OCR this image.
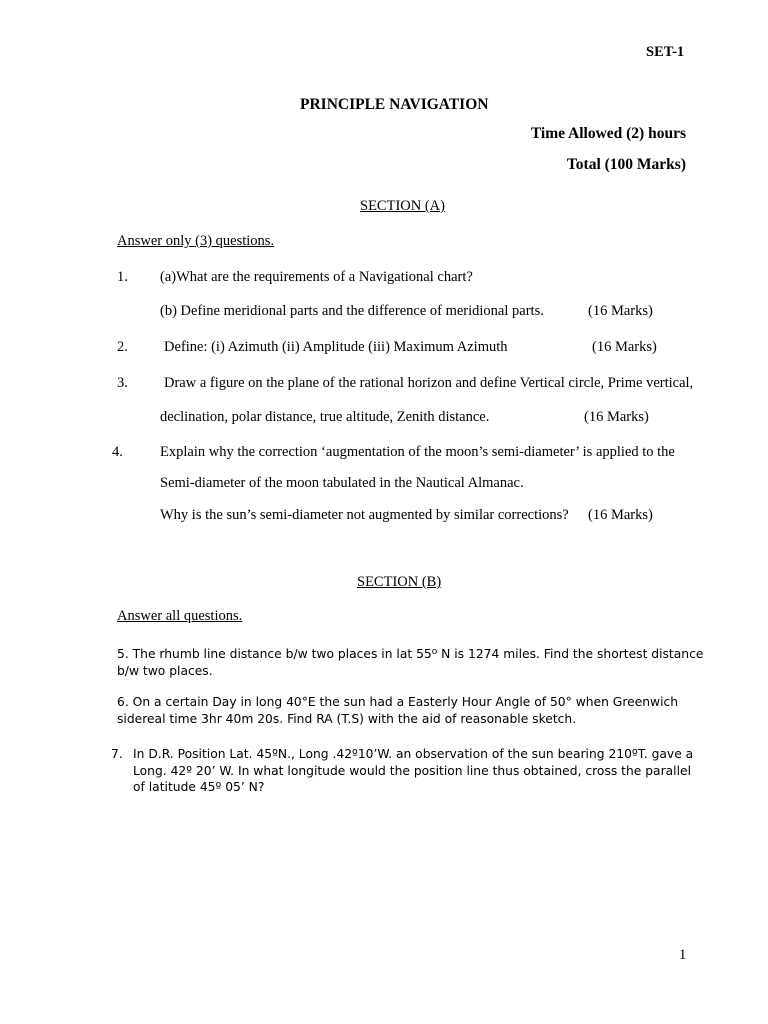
SET-1
PRINCIPLE NAVIGATION
Time Allowed (2) hours
Total (100 Marks)
SECTION (A)
Answer only (3) questions.
1. (a)What are the requirements of a Navigational chart?
(b) Define meridional parts and the difference of meridional parts.	(16 Marks)
2. Define: (i) Azimuth (ii) Amplitude (iii) Maximum Azimuth	(16 Marks)
3. Draw a figure on the plane of the rational horizon and define Vertical circle, Prime vertical,
declination, polar distance, true altitude, Zenith distance.	(16 Marks)
4.	Explain why the correction ‘augmentation of the moon’s semi-diameter’ is applied to the
Semi-diameter of the moon tabulated in the Nautical Almanac.
Why is the sun’s semi-diameter not augmented by similar corrections? (16 Marks)
SECTION (B)
Answer all questions.
5. The rhumb line distance b/w two places in lat 55$^o$ N is 1274 miles. Find the shortest distance
b/w two places.
6. On a certain Day in long 40°E the sun had a Easterly Hour Angle of 50° when Greenwich
sidereal time 3hr 40m 20s. Find RA (T.S) with the aid of reasonable sketch.
7. In D.R. Position Lat. 45ºN., Long .42º10’W. an observation of the sun bearing 210ºT. gave a
Long. 42º 20’ W. In what longitude would the position line thus obtained, cross the parallel
of latitude 45º 05’ N?
1
